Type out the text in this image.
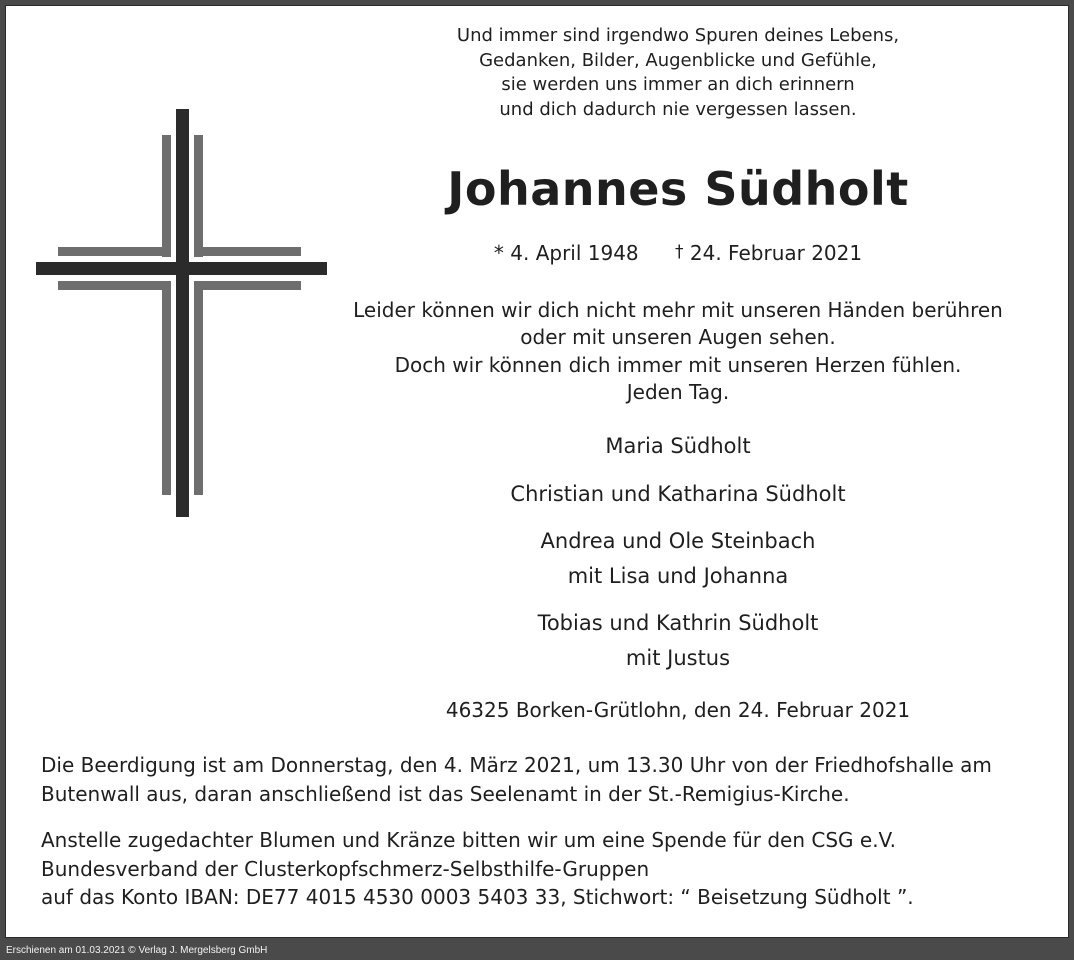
Und immer sind irgendwo Spuren deines Lebens,
Gedanken, Bilder, Augenblicke und Gefühle,
sie werden uns immer an dich erinnern
und dich dadurch nie vergessen lassen.
Johannes Südholt
* 4. April 1948 † 24. Februar 2021
Leider können wir dich nicht mehr mit unseren Händen berühren
oder mit unseren Augen sehen.
Doch wir können dich immer mit unseren Herzen fühlen.
Jeden Tag.
Maria Südholt
Christian und Katharina Südholt
Andrea und Ole Steinbach
mit Lisa und Johanna
Tobias und Kathrin Südholt
mit Justus
46325 Borken-Grütlohn, den 24. Februar 2021
Die Beerdigung ist am Donnerstag, den 4. März 2021, um 13.30 Uhr von der Friedhofshalle am
Butenwall aus, daran anschließend ist das Seelenamt in der St.-Remigius-Kirche.
Anstelle zugedachter Blumen und Kränze bitten wir um eine Spende für den CSG e.V.
Bundesverband der Clusterkopfschmerz-Selbsthilfe-Gruppen
auf das Konto IBAN: DE77 4015 4530 0003 5403 33, Stichwort: “ Beisetzung Südholt ”.
Erschienen am 01.03.2021 © Verlag J. Mergelsberg GmbH
